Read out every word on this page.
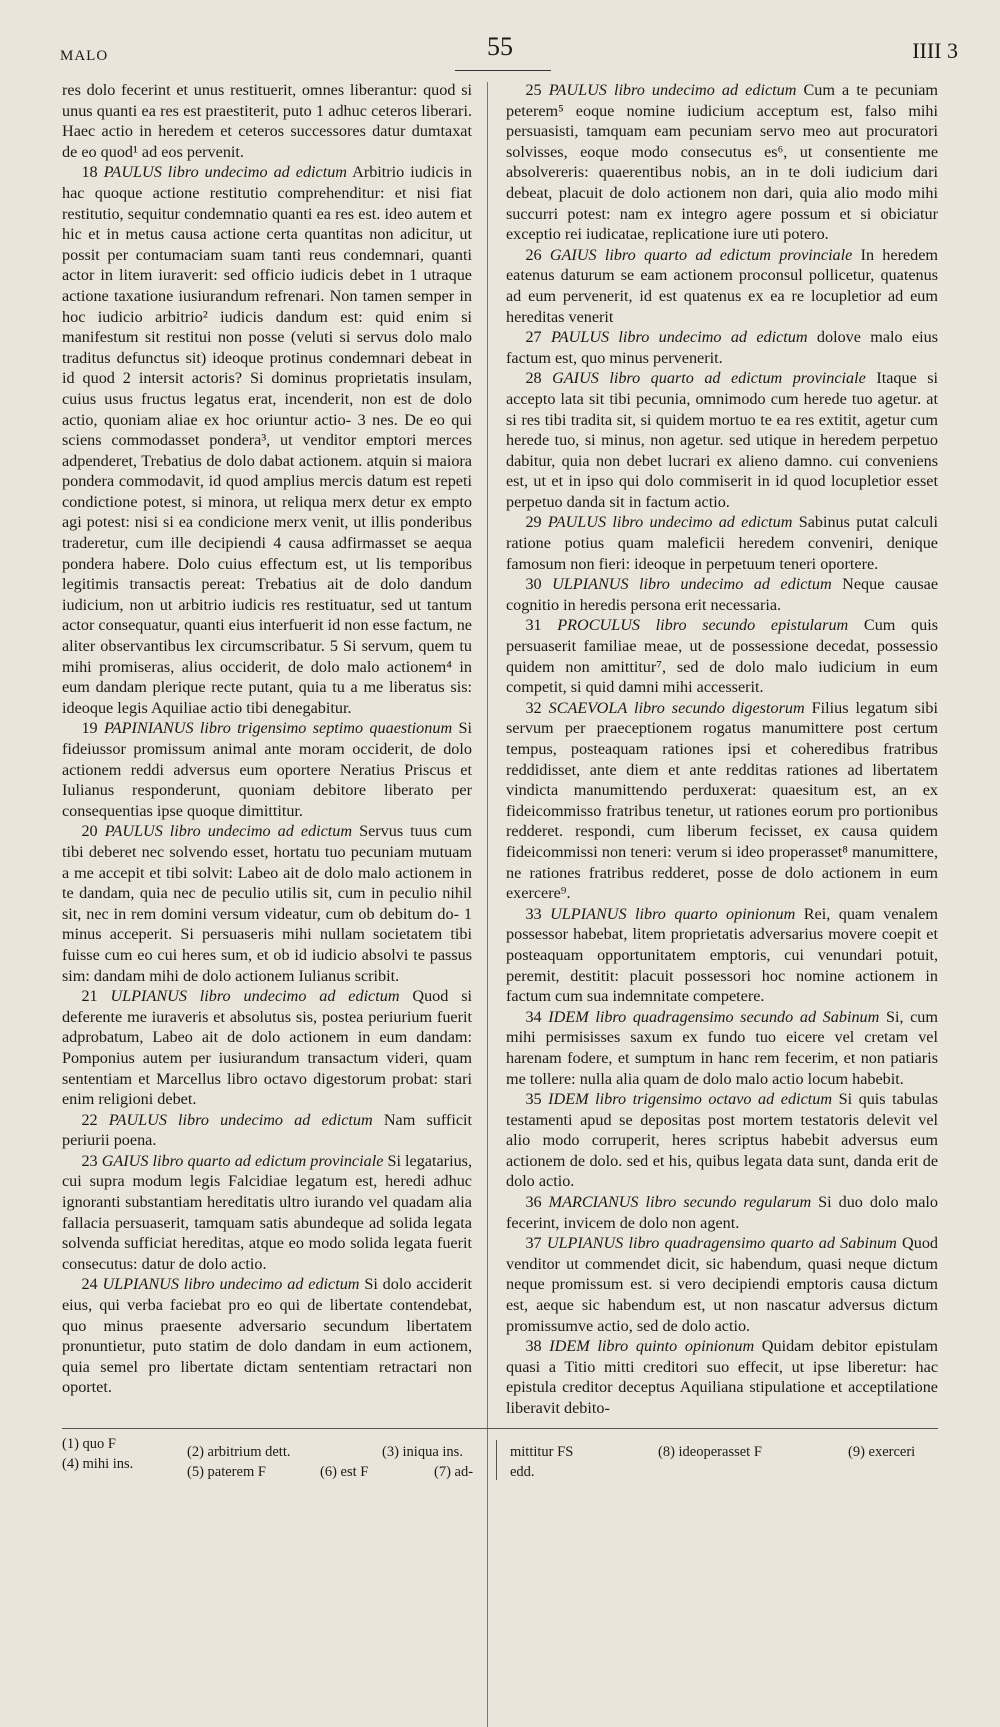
MALO	55	IIII 3

res dolo fecerint et unus restituerit, omnes liberantur: quod si unus quanti ea res est praestiterit, puto 1 adhuc ceteros liberari. Haec actio in heredem et ceteros successores datur dumtaxat de eo quod¹ ad eos pervenit.

18 PAULUS libro undecimo ad edictum Arbitrio iudicis in hac quoque actione restitutio comprehenditur: et nisi fiat restitutio, sequitur condemnatio quanti ea res est. ideo autem et hic et in metus causa actione certa quantitas non adicitur, ut possit per contumaciam suam tanti reus condemnari, quanti actor in litem iuraverit: sed officio iudicis debet in 1 utraque actione taxatione iusiurandum refrenari. Non tamen semper in hoc iudicio arbitrio² iudicis dandum est: quid enim si manifestum sit restitui non posse (veluti si servus dolo malo traditus defunctus sit) ideoque protinus condemnari debeat in id quod 2 intersit actoris? Si dominus proprietatis insulam, cuius usus fructus legatus erat, incenderit, non est de dolo actio, quoniam aliae ex hoc oriuntur actio- 3 nes. De eo qui sciens commodasset pondera³, ut venditor emptori merces adpenderet, Trebatius de dolo dabat actionem. atquin si maiora pondera commodavit, id quod amplius mercis datum est repeti condictione potest, si minora, ut reliqua merx detur ex empto agi potest: nisi si ea condicione merx venit, ut illis ponderibus traderetur, cum ille decipiendi 4 causa adfirmasset se aequa pondera habere. Dolo cuius effectum est, ut lis temporibus legitimis transactis pereat: Trebatius ait de dolo dandum iudicium, non ut arbitrio iudicis res restituatur, sed ut tantum actor consequatur, quanti eius interfuerit id non esse factum, ne aliter observantibus lex circumscribatur. 5 Si servum, quem tu mihi promiseras, alius occiderit, de dolo malo actionem⁴ in eum dandam plerique recte putant, quia tu a me liberatus sis: ideoque legis Aquiliae actio tibi denegabitur.

19 PAPINIANUS libro trigensimo septimo quaestionum Si fideiussor promissum animal ante moram occiderit, de dolo actionem reddi adversus eum oportere Neratius Priscus et Iulianus responderunt, quoniam debitore liberato per consequentias ipse quoque dimittitur.

20 PAULUS libro undecimo ad edictum Servus tuus cum tibi deberet nec solvendo esset, hortatu tuo pecuniam mutuam a me accepit et tibi solvit: Labeo ait de dolo malo actionem in te dandam, quia nec de peculio utilis sit, cum in peculio nihil sit, nec in rem domini versum videatur, cum ob debitum do- 1 minus acceperit. Si persuaseris mihi nullam societatem tibi fuisse cum eo cui heres sum, et ob id iudicio absolvi te passus sim: dandam mihi de dolo actionem Iulianus scribit.

21 ULPIANUS libro undecimo ad edictum Quod si deferente me iuraveris et absolutus sis, postea periurium fuerit adprobatum, Labeo ait de dolo actionem in eum dandam: Pomponius autem per iusiurandum transactum videri, quam sententiam et Marcellus libro octavo digestorum probat: stari enim religioni debet.

22 PAULUS libro undecimo ad edictum Nam sufficit periurii poena.

23 GAIUS libro quarto ad edictum provinciale Si legatarius, cui supra modum legis Falcidiae legatum est, heredi adhuc ignoranti substantiam hereditatis ultro iurando vel quadam alia fallacia persuaserit, tamquam satis abundeque ad solida legata solvenda sufficiat hereditas, atque eo modo solida legata fuerit consecutus: datur de dolo actio.

24 ULPIANUS libro undecimo ad edictum Si dolo acciderit eius, qui verba faciebat pro eo qui de libertate contendebat, quo minus praesente adversario secundum libertatem pronuntietur, puto statim de dolo dandam in eum actionem, quia semel pro libertate dictam sententiam retractari non oportet.

25 PAULUS libro undecimo ad edictum Cum a te pecuniam peterem⁵ eoque nomine iudicium acceptum est, falso mihi persuasisti, tamquam eam pecuniam servo meo aut procuratori solvisses, eoque modo consecutus es⁶, ut consentiente me absolvereris: quaerentibus nobis, an in te doli iudicium dari debeat, placuit de dolo actionem non dari, quia alio modo mihi succurri potest: nam ex integro agere possum et si obiciatur exceptio rei iudicatae, replicatione iure uti potero.

26 GAIUS libro quarto ad edictum provinciale In heredem eatenus daturum se eam actionem proconsul pollicetur, quatenus ad eum pervenerit, id est quatenus ex ea re locupletior ad eum hereditas venerit

27 PAULUS libro undecimo ad edictum dolove malo eius factum est, quo minus pervenerit.

28 GAIUS libro quarto ad edictum provinciale Itaque si accepto lata sit tibi pecunia, omnimodo cum herede tuo agetur. at si res tibi tradita sit, si quidem mortuo te ea res extitit, agetur cum herede tuo, si minus, non agetur. sed utique in heredem perpetuo dabitur, quia non debet lucrari ex alieno damno. cui conveniens est, ut et in ipso qui dolo commiserit in id quod locupletior esset perpetuo danda sit in factum actio.

29 PAULUS libro undecimo ad edictum Sabinus putat calculi ratione potius quam maleficii heredem conveniri, denique famosum non fieri: ideoque in perpetuum teneri oportere.

30 ULPIANUS libro undecimo ad edictum Neque causae cognitio in heredis persona erit necessaria.

31 PROCULUS libro secundo epistularum Cum quis persuaserit familiae meae, ut de possessione decedat, possessio quidem non amittitur⁷, sed de dolo malo iudicium in eum competit, si quid damni mihi accesserit.

32 SCAEVOLA libro secundo digestorum Filius legatum sibi servum per praeceptionem rogatus manumittere post certum tempus, posteaquam rationes ipsi et coheredibus fratribus reddidisset, ante diem et ante redditas rationes ad libertatem vindicta manumittendo perduxerat: quaesitum est, an ex fideicommisso fratribus tenetur, ut rationes eorum pro portionibus redderet. respondi, cum liberum fecisset, ex causa quidem fideicommissi non teneri: verum si ideo properasset⁸ manumittere, ne rationes fratribus redderet, posse de dolo actionem in eum exercere⁹.

33 ULPIANUS libro quarto opinionum Rei, quam venalem possessor habebat, litem proprietatis adversarius movere coepit et posteaquam opportunitatem emptoris, cui venundari potuit, peremit, destitit: placuit possessori hoc nomine actionem in factum cum sua indemnitate competere.

34 IDEM libro quadragensimo secundo ad Sabinum Si, cum mihi permisisses saxum ex fundo tuo eicere vel cretam vel harenam fodere, et sumptum in hanc rem fecerim, et non patiaris me tollere: nulla alia quam de dolo malo actio locum habebit.

35 IDEM libro trigensimo octavo ad edictum Si quis tabulas testamenti apud se depositas post mortem testatoris delevit vel alio modo corruperit, heres scriptus habebit adversus eum actionem de dolo. sed et his, quibus legata data sunt, danda erit de dolo actio.

36 MARCIANUS libro secundo regularum Si duo dolo malo fecerint, invicem de dolo non agent.

37 ULPIANUS libro quadragensimo quarto ad Sabinum Quod venditor ut commendet dicit, sic habendum, quasi neque dictum neque promissum est. si vero decipiendi emptoris causa dictum est, aeque sic habendum est, ut non nascatur adversus dictum promissumve actio, sed de dolo actio.

38 IDEM libro quinto opinionum Quidam debitor epistulam quasi a Titio mitti creditori suo effecit, ut ipse liberetur: hac epistula creditor deceptus Aquiliana stipulatione et acceptilatione liberavit debito-

(1) quo F
(4) mihi ins.
(2) arbitrium dett.
(5) paterem F
(3) iniqua ins.
(6) est F	(7) ad-
mittitur FS
edd.
(8) ideoperasset F	(9) exerceri
